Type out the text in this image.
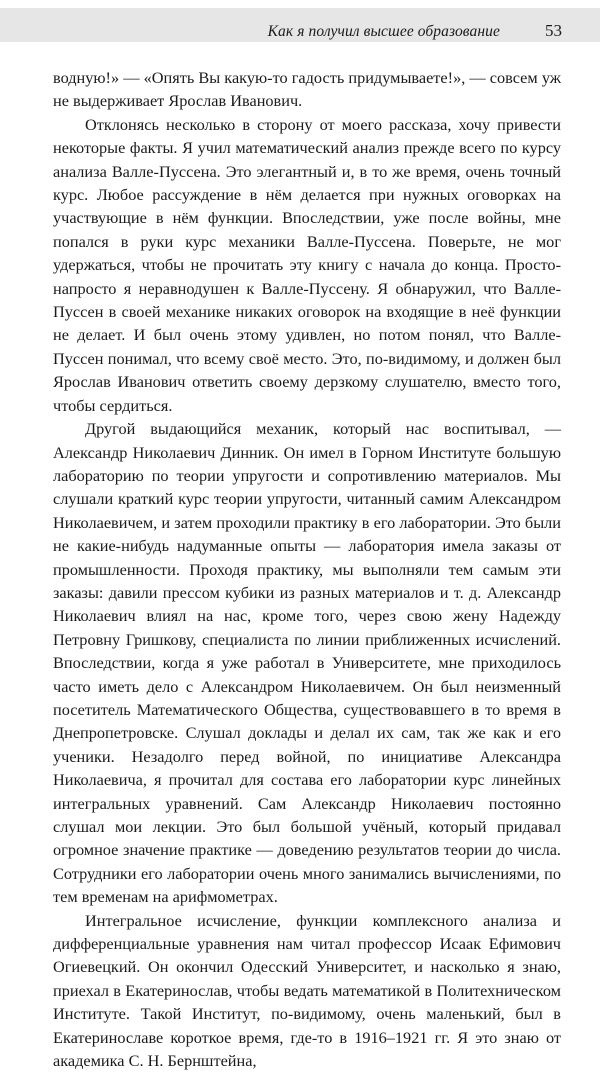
Как я получил высшее образование	53

водную!» — «Опять Вы какую-то гадость придумываете!», — совсем уж не выдерживает Ярослав Иванович.

Отклонясь несколько в сторону от моего рассказа, хочу привести некоторые факты. Я учил математический анализ прежде всего по курсу анализа Валле-Пуссена. Это элегантный и, в то же время, очень точный курс. Любое рассуждение в нём делается при нужных оговорках на участвующие в нём функции. Впоследствии, уже после войны, мне попался в руки курс механики Валле-Пуссена. Поверьте, не мог удержаться, чтобы не прочитать эту книгу с начала до конца. Просто-напросто я неравнодушен к Валле-Пуссену. Я обнаружил, что Валле-Пуссен в своей механике никаких оговорок на входящие в неё функции не делает. И был очень этому удивлен, но потом понял, что Валле-Пуссен понимал, что всему своё место. Это, по-видимому, и должен был Ярослав Иванович ответить своему дерзкому слушателю, вместо того, чтобы сердиться.

Другой выдающийся механик, который нас воспитывал, — Александр Николаевич Динник. Он имел в Горном Институте большую лабораторию по теории упругости и сопротивлению материалов. Мы слушали краткий курс теории упругости, читанный самим Александром Николаевичем, и затем проходили практику в его лаборатории. Это были не какие-нибудь надуманные опыты — лаборатория имела заказы от промышленности. Проходя практику, мы выполняли тем самым эти заказы: давили прессом кубики из разных материалов и т. д. Александр Николаевич влиял на нас, кроме того, через свою жену Надежду Петровну Гришкову, специалиста по линии приближенных исчислений. Впоследствии, когда я уже работал в Университете, мне приходилось часто иметь дело с Александром Николаевичем. Он был неизменный посетитель Математического Общества, существовавшего в то время в Днепропетровске. Слушал доклады и делал их сам, так же как и его ученики. Незадолго перед войной, по инициативе Александра Николаевича, я прочитал для состава его лаборатории курс линейных интегральных уравнений. Сам Александр Николаевич постоянно слушал мои лекции. Это был большой учёный, который придавал огромное значение практике — доведению результатов теории до числа. Сотрудники его лаборатории очень много занимались вычислениями, по тем временам на арифмометрах.

Интегральное исчисление, функции комплексного анализа и дифференциальные уравнения нам читал профессор Исаак Ефимович Огиевецкий. Он окончил Одесский Университет, и насколько я знаю, приехал в Екатеринослав, чтобы ведать математикой в Политехническом Институте. Такой Институт, по-видимому, очень маленький, был в Екатеринославе короткое время, где-то в 1916–1921 гг. Я это знаю от академика С. Н. Бернштейна,
